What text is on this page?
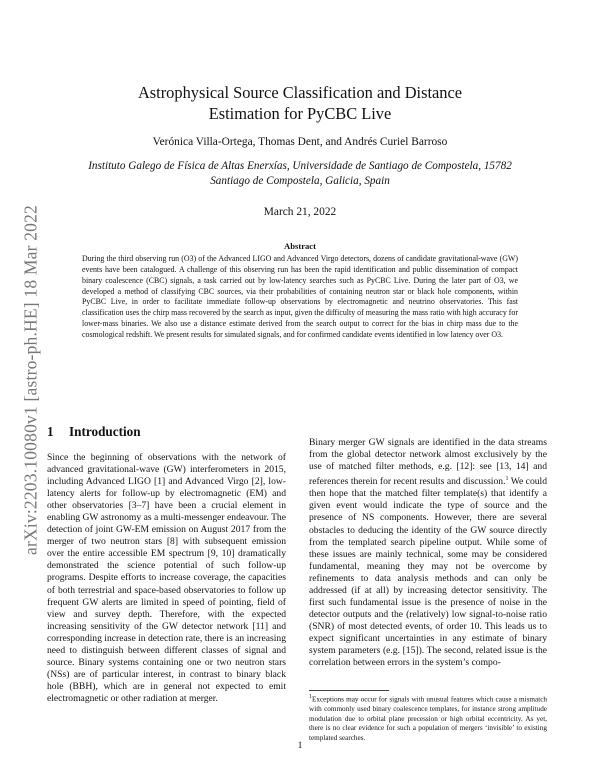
arXiv:2203.10080v1 [astro-ph.HE] 18 Mar 2022
Astrophysical Source Classification and Distance
Estimation for PyCBC Live
Verónica Villa-Ortega, Thomas Dent, and Andrés Curiel Barroso
Instituto Galego de Física de Altas Enerxías, Universidade de Santiago de Compostela, 15782
Santiago de Compostela, Galicia, Spain
March 21, 2022
Abstract
During the third observing run (O3) of the Advanced LIGO and Advanced Virgo detectors, dozens of candidate gravitational-wave (GW) events have been catalogued. A challenge of this observing run has been the rapid identification and public dissemination of compact binary coalescence (CBC) signals, a task carried out by low-latency searches such as PyCBC Live. During the later part of O3, we developed a method of classifying CBC sources, via their probabilities of containing neutron star or black hole components, within PyCBC Live, in order to facilitate immediate follow-up observations by electromagnetic and neutrino observatories. This fast classification uses the chirp mass recovered by the search as input, given the difficulty of measuring the mass ratio with high accuracy for lower-mass binaries. We also use a distance estimate derived from the search output to correct for the bias in chirp mass due to the cosmological redshift. We present results for simulated signals, and for confirmed candidate events identified in low latency over O3.
1 Introduction

Since the beginning of observations with the network of advanced gravitational-wave (GW) interferometers in 2015, including Advanced LIGO [1] and Advanced Virgo [2], low-latency alerts for follow-up by electromagnetic (EM) and other observatories [3–7] have been a crucial element in enabling GW astronomy as a multi-messenger endeavour. The detection of joint GW-EM emission on August 2017 from the merger of two neutron stars [8] with subsequent emission over the entire accessible EM spectrum [9, 10] dramatically demonstrated the science potential of such follow-up programs. Despite efforts to increase coverage, the capacities of both terrestrial and space-based observatories to follow up frequent GW alerts are limited in speed of pointing, field of view and survey depth. Therefore, with the expected increasing sensitivity of the GW detector network [11] and corresponding increase in detection rate, there is an increasing need to distinguish between different classes of signal and source. Binary systems containing one or two neutron stars (NSs) are of particular interest, in contrast to binary black hole (BBH), which are in general not expected to emit electromagnetic or other radiation at merger.

Binary merger GW signals are identified in the data streams from the global detector network almost exclusively by the use of matched filter methods, e.g. [12]: see [13, 14] and references therein for recent results and discussion.$^1$ We could then hope that the matched filter template(s) that identify a given event would indicate the type of source and the presence of NS components. However, there are several obstacles to deducing the identity of the GW source directly from the templated search pipeline output. While some of these issues are mainly technical, some may be considered fundamental, meaning they may not be overcome by refinements to data analysis methods and can only be addressed (if at all) by increasing detector sensitivity. The first such fundamental issue is the presence of noise in the detector outputs and the (relatively) low signal-to-noise ratio (SNR) of most detected events, of order 10. This leads us to expect significant uncertainties in any estimate of binary system parameters (e.g. [15]). The second, related issue is the correlation between errors in the system’s compo-

$^1$Exceptions may occur for signals with unusual features which cause a mismatch with commonly used binary coalescence templates, for instance strong amplitude modulation due to orbital plane precession or high orbital eccentricity. As yet, there is no clear evidence for such a population of mergers ‘invisible’ to existing templated searches.
1
